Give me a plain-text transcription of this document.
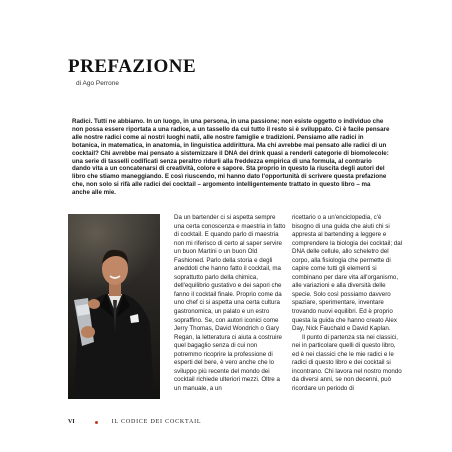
PREFAZIONE
di Ago Perrone
Radici. Tutti ne abbiamo. In un luogo, in una persona, in una passione; non esiste oggetto o individuo che non possa essere riportata a una radice, a un tassello da cui tutto il resto si è sviluppato. Ci è facile pensare alle nostre radici come ai nostri luoghi natii, alle nostre famiglie e tradizioni. Pensiamo alle radici in botanica, in matematica, in anatomia, in linguistica addirittura. Ma chi avrebbe mai pensato alle radici di un cocktail? Chi avrebbe mai pensato a sistemizzare il DNA dei drink quasi a renderli categorie di biomolecole: una serie di tasselli codificati senza peraltro ridurli alla freddezza empirica di una formula, al contrario dando vita a un concatenarsi di creatività, colore e sapore. Sta proprio in questo la riuscita degli autori del libro che stiamo maneggiando. E così riuscendo, mi hanno dato l'opportunità di scrivere questa prefazione che, non solo si rifà alle radici dei cocktail – argomento intelligentemente trattato in questo libro – ma anche alle mie.

Da un bartender ci si aspetta sempre una certa conoscenza e maestria in fatto di cocktail. E quando parlo di maestria non mi riferisco di certo al saper servire un buon Martini o un buon Old Fashioned. Parlo della storia e degli aneddoti che hanno fatto il cocktail, ma soprattutto parlo della chimica, dell'equilibrio gustativo e dei sapori che fanno il cocktail finale. Proprio come da uno chef ci si aspetta una certa cultura gastronomica, un palato e un estro sopraffino. Se, con autori iconici come Jerry Thomas, David Wondrich o Gary Regan, la letteratura ci aiuta a costruire quel bagaglio senza di cui non potremmo ricoprire la professione di esperti del bere, è vero anche che lo sviluppo più recente del mondo dei cocktail richiede ulteriori mezzi. Oltre a un manuale, a un

ricettario o a un'enciclopedia, c'è bisogno di una guida che aiuti chi si appresta al bartending a leggere e comprendere la biologia dei cocktail; dal DNA delle cellule, allo scheletro del corpo, alla fisiologia che permette di capire come tutti gli elementi si combinano per dare vita all'organismo, alle variazioni e alla diversità delle specie. Solo così possiamo davvero spaziare, sperimentare, inventare trovando nuovi equilibri. Ed è proprio questa la guida che hanno creato Alex Day, Nick Fauchald e David Kaplan.

Il punto di partenza sta nei classici, nei in particolare quelli di questo libro, ed è nei classici che le mie radici e le radici di questo libro e dei cocktail si incontrano. Chi lavora nel nostro mondo da diversi anni, se non decenni, può ricordare un periodo di

VI	IL CODICE DEI COCKTAIL
